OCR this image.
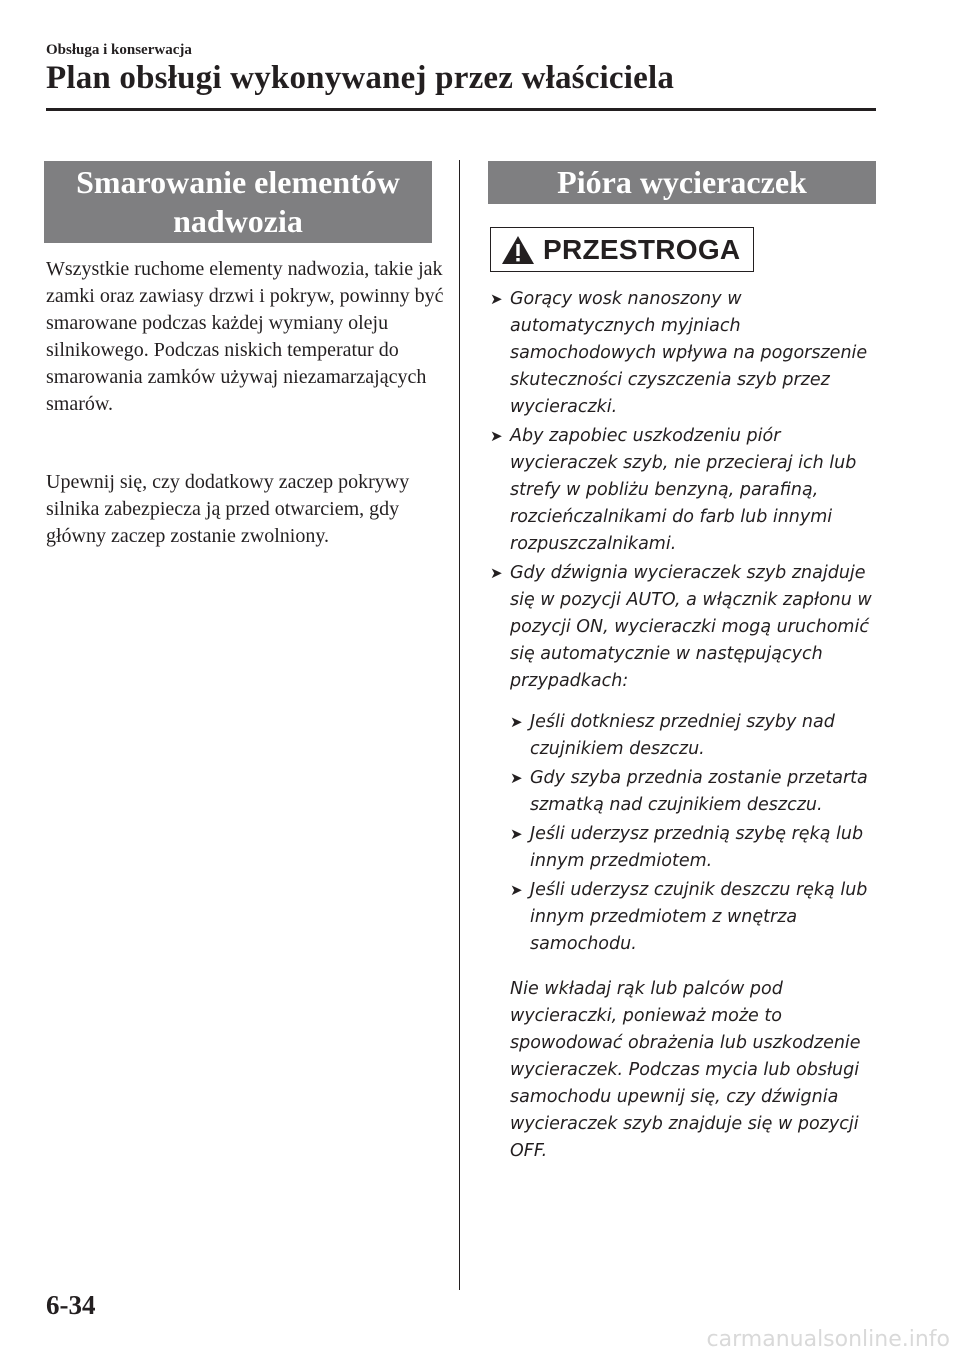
Obsługa i konserwacja
Plan obsługi wykonywanej przez właściciela
Smarowanie elementów
nadwozia

Wszystkie ruchome elementy nadwozia, takie jak zamki oraz zawiasy drzwi i pokryw, powinny być smarowane podczas każdej wymiany oleju silnikowego. Podczas niskich temperatur do smarowania zamków używaj niezamarzających smarów.

Upewnij się, czy dodatkowy zaczep pokrywy silnika zabezpiecza ją przed otwarciem, gdy główny zaczep zostanie zwolniony.

Pióra wycieraczek
PRZESTROGA
➤ Gorący wosk nanoszony w automatycznych myjniach samochodowych wpływa na pogorszenie skuteczności czyszczenia szyb przez wycieraczki.
➤ Aby zapobiec uszkodzeniu piór wycieraczek szyb, nie przecieraj ich lub strefy w pobliżu benzyną, parafiną, rozcieńczalnikami do farb lub innymi rozpuszczalnikami.
➤ Gdy dźwignia wycieraczek szyb znajduje się w pozycji AUTO, a włącznik zapłonu w pozycji ON, wycieraczki mogą uruchomić się automatycznie w następujących przypadkach:
➤ Jeśli dotkniesz przedniej szyby nad czujnikiem deszczu.
➤ Gdy szyba przednia zostanie przetarta szmatką nad czujnikiem deszczu.
➤ Jeśli uderzysz przednią szybę ręką lub innym przedmiotem.
➤ Jeśli uderzysz czujnik deszczu ręką lub innym przedmiotem z wnętrza samochodu.
Nie wkładaj rąk lub palców pod wycieraczki, ponieważ może to spowodować obrażenia lub uszkodzenie wycieraczek. Podczas mycia lub obsługi samochodu upewnij się, czy dźwignia wycieraczek szyb znajduje się w pozycji OFF.
6-34
carmanualsonline.info
